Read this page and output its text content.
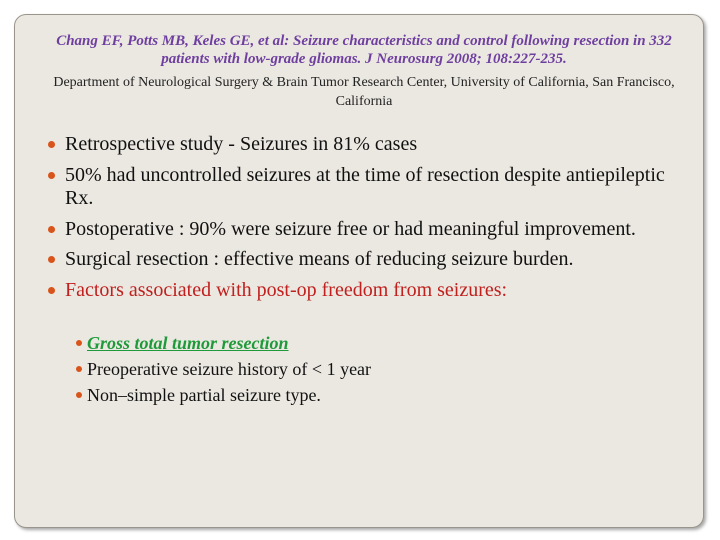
Chang EF, Potts MB, Keles GE, et al: Seizure characteristics and control following resection in 332 patients with low-grade gliomas. J Neurosurg 2008; 108:227-235.
Department of Neurological Surgery & Brain Tumor Research Center, University of California, San Francisco, California
Retrospective study - Seizures in 81% cases
50% had uncontrolled seizures at the time of resection despite antiepileptic Rx.
Postoperative : 90% were seizure free or had meaningful improvement.
Surgical resection : effective means of reducing seizure burden.
Factors associated with post-op freedom from seizures:
Gross total tumor resection
Preoperative seizure history of < 1 year
Non–simple partial seizure type.
